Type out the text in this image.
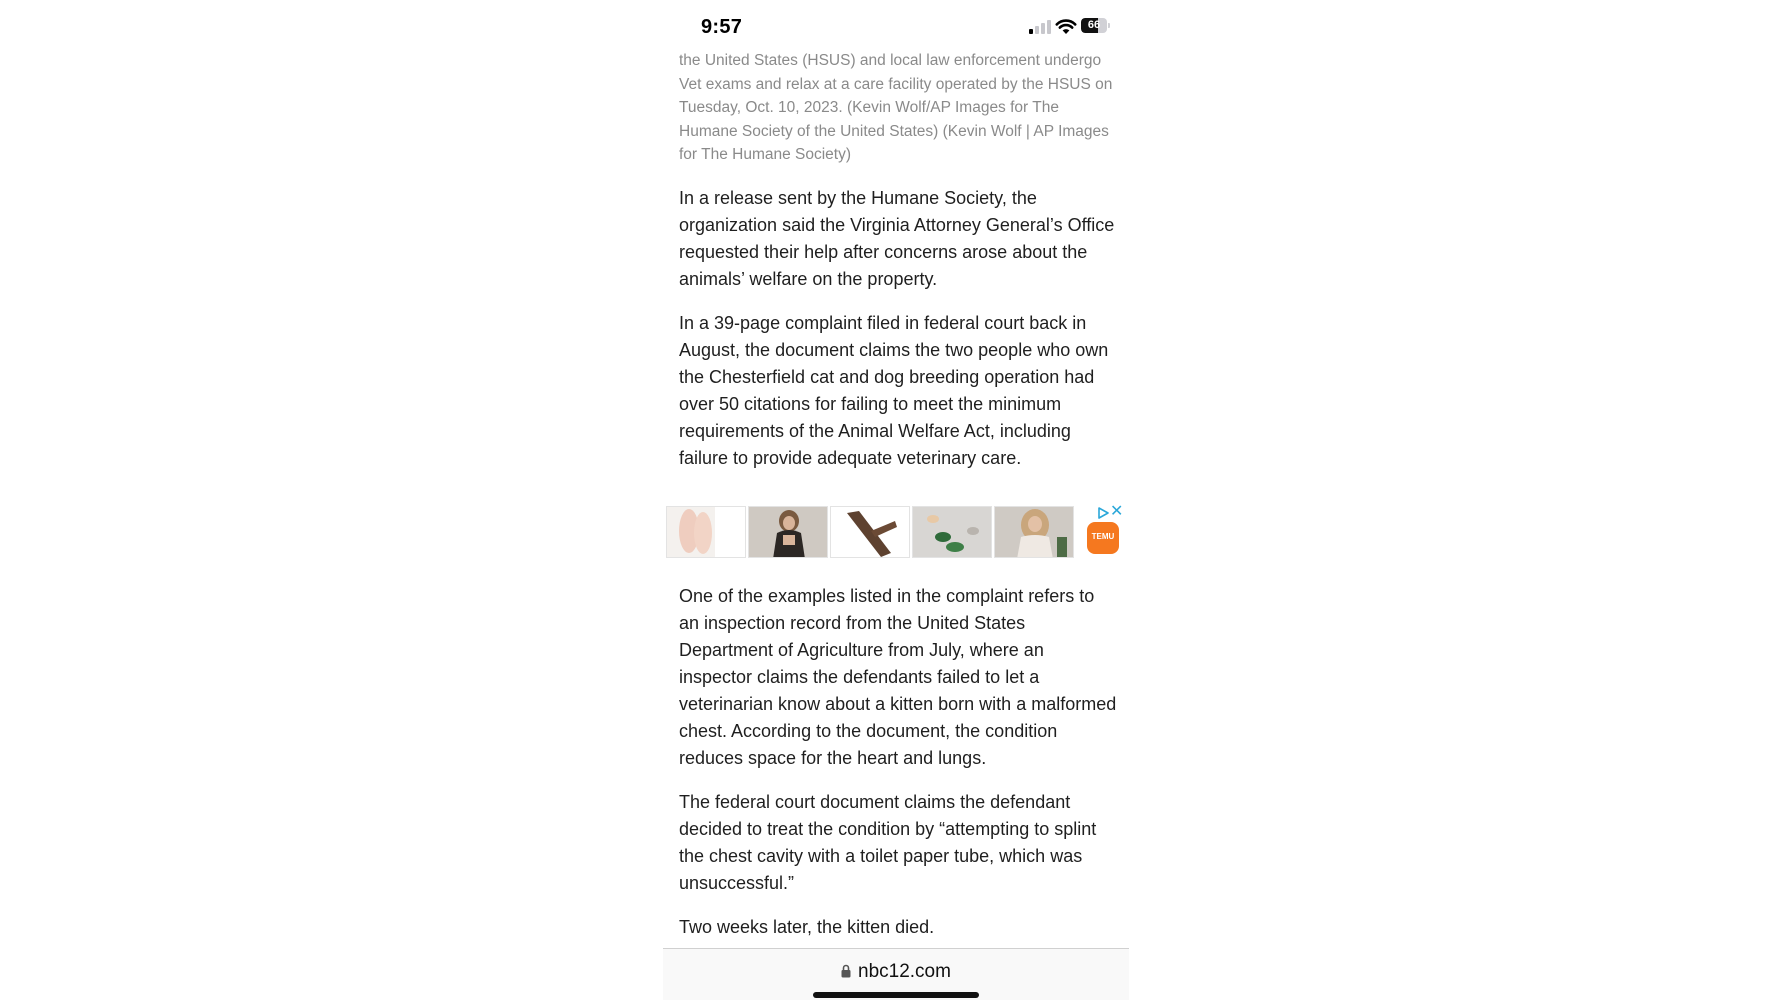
9:57	66

the United States (HSUS) and local law enforcement undergo Vet exams and relax at a care facility operated by the HSUS on Tuesday, Oct. 10, 2023. (Kevin Wolf/AP Images for The Humane Society of the United States) (Kevin Wolf | AP Images for The Humane Society)

In a release sent by the Humane Society, the organization said the Virginia Attorney General’s Office requested their help after concerns arose about the animals’ welfare on the property.

In a 39-page complaint filed in federal court back in August, the document claims the two people who own the Chesterfield cat and dog breeding operation had over 50 citations for failing to meet the minimum requirements of the Animal Welfare Act, including failure to provide adequate veterinary care.

✕
TEMU

One of the examples listed in the complaint refers to an inspection record from the United States Department of Agriculture from July, where an inspector claims the defendants failed to let a veterinarian know about a kitten born with a malformed chest. According to the document, the condition reduces space for the heart and lungs.

The federal court document claims the defendant decided to treat the condition by “attempting to splint the chest cavity with a toilet paper tube, which was unsuccessful.”

Two weeks later, the kitten died.

nbc12.com
